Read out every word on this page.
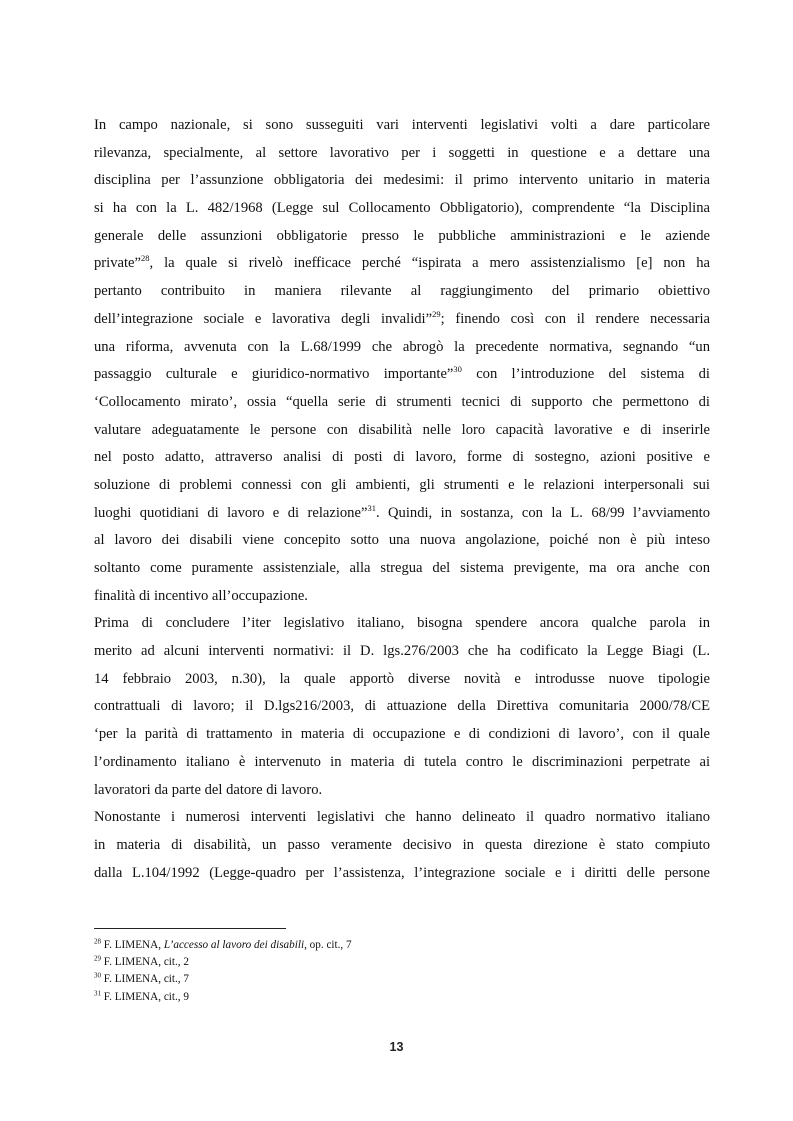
In campo nazionale, si sono susseguiti vari interventi legislativi volti a dare particolare
rilevanza, specialmente, al settore lavorativo per i soggetti in questione e a dettare una
disciplina per l’assunzione obbligatoria dei medesimi: il primo intervento unitario in materia
si ha con la L. 482/1968 (Legge sul Collocamento Obbligatorio), comprendente “la Disciplina
generale delle assunzioni obbligatorie presso le pubbliche amministrazioni e le aziende
private”$^{28}$, la quale si rivelò inefficace perché “ispirata a mero assistenzialismo [e] non ha
pertanto contribuito in maniera rilevante al raggiungimento del primario obiettivo
dell’integrazione sociale e lavorativa degli invalidi”$^{29}$; finendo così con il rendere necessaria
una riforma, avvenuta con la L.68/1999 che abrogò la precedente normativa, segnando “un
passaggio culturale e giuridico-normativo importante”$^{30}$ con l’introduzione del sistema di
‘Collocamento mirato’, ossia “quella serie di strumenti tecnici di supporto che permettono di
valutare adeguatamente le persone con disabilità nelle loro capacità lavorative e di inserirle
nel posto adatto, attraverso analisi di posti di lavoro, forme di sostegno, azioni positive e
soluzione di problemi connessi con gli ambienti, gli strumenti e le relazioni interpersonali sui
luoghi quotidiani di lavoro e di relazione”$^{31}$. Quindi, in sostanza, con la L. 68/99 l’avviamento
al lavoro dei disabili viene concepito sotto una nuova angolazione, poiché non è più inteso
soltanto come puramente assistenziale, alla stregua del sistema previgente, ma ora anche con
finalità di incentivo all’occupazione.
Prima di concludere l’iter legislativo italiano, bisogna spendere ancora qualche parola in
merito ad alcuni interventi normativi: il D. lgs.276/2003 che ha codificato la Legge Biagi (L.
14 febbraio 2003, n.30), la quale apportò diverse novità e introdusse nuove tipologie
contrattuali di lavoro; il D.lgs216/2003, di attuazione della Direttiva comunitaria 2000/78/CE
‘per la parità di trattamento in materia di occupazione e di condizioni di lavoro’, con il quale
l’ordinamento italiano è intervenuto in materia di tutela contro le discriminazioni perpetrate ai
lavoratori da parte del datore di lavoro.
Nonostante i numerosi interventi legislativi che hanno delineato il quadro normativo italiano
in materia di disabilità, un passo veramente decisivo in questa direzione è stato compiuto
dalla L.104/1992 (Legge-quadro per l’assistenza, l’integrazione sociale e i diritti delle persone
$^{28}$ F. LIMENA, L’accesso al lavoro dei disabili, op. cit., 7
$^{29}$ F. LIMENA, cit., 2
$^{30}$ F. LIMENA, cit., 7
$^{31}$ F. LIMENA, cit., 9
13
